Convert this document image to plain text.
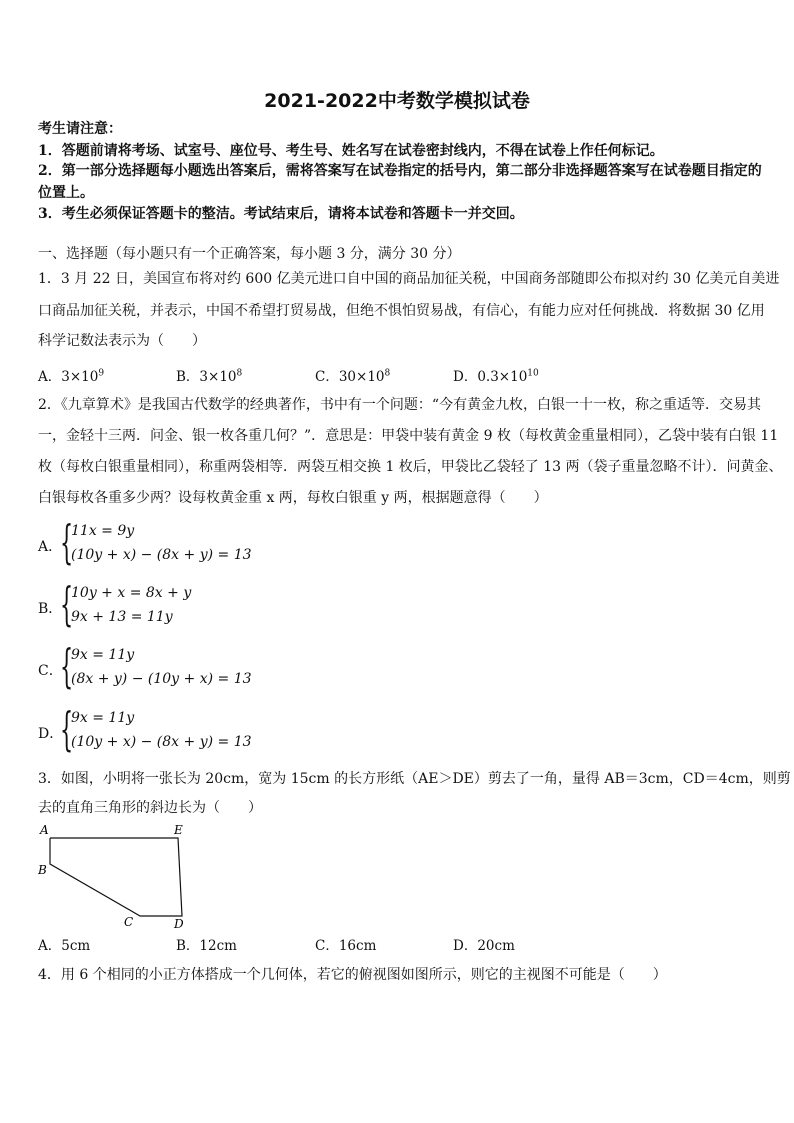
2021-2022中考数学模拟试卷
考生请注意：
1．答题前请将考场、试室号、座位号、考生号、姓名写在试卷密封线内，不得在试卷上作任何标记。
2．第一部分选择题每小题选出答案后，需将答案写在试卷指定的括号内，第二部分非选择题答案写在试卷题目指定的
位置上。
3．考生必须保证答题卡的整洁。考试结束后，请将本试卷和答题卡一并交回。
一、选择题（每小题只有一个正确答案，每小题 3 分，满分 30 分）
1．3 月 22 日，美国宣布将对约 600 亿美元进口自中国的商品加征关税，中国商务部随即公布拟对约 30 亿美元自美进
口商品加征关税，并表示，中国不希望打贸易战，但绝不惧怕贸易战，有信心，有能力应对任何挑战．将数据 30 亿用
科学记数法表示为（　　）
A．$3\times 10^9$	B．$3\times 10^8$	C．$30\times 10^8$	D．$0.3\times 10^{10}$
2．《九章算术》是我国古代数学的经典著作，书中有一个问题：“今有黄金九枚，白银一十一枚，称之重适等．交易其
一，金轻十三两．问金、银一枚各重几何？”．意思是：甲袋中装有黄金 9 枚（每枚黄金重量相同），乙袋中装有白银 11
枚（每枚白银重量相同），称重两袋相等．两袋互相交换 1 枚后，甲袋比乙袋轻了 13 两（袋子重量忽略不计）．问黄金、
白银每枚各重多少两？设每枚黄金重 x 两，每枚白银重 y 两，根据题意得（　　）
A．
{
11x = 9y
(10y + x) − (8x + y) = 13
B．
{
10y + x = 8x + y
9x + 13 = 11y
C．
{
9x = 11y
(8x + y) − (10y + x) = 13
D．
{
9x = 11y
(10y + x) − (8x + y) = 13
3．如图，小明将一张长为 20cm，宽为 15cm 的长方形纸（AE＞DE）剪去了一角，量得 AB＝3cm，CD＝4cm，则剪
去的直角三角形的斜边长为（　　）
A	E
B
C	D
A．5cm	B．12cm	C．16cm	D．20cm
4．用 6 个相同的小正方体搭成一个几何体，若它的俯视图如图所示，则它的主视图不可能是（　　）
